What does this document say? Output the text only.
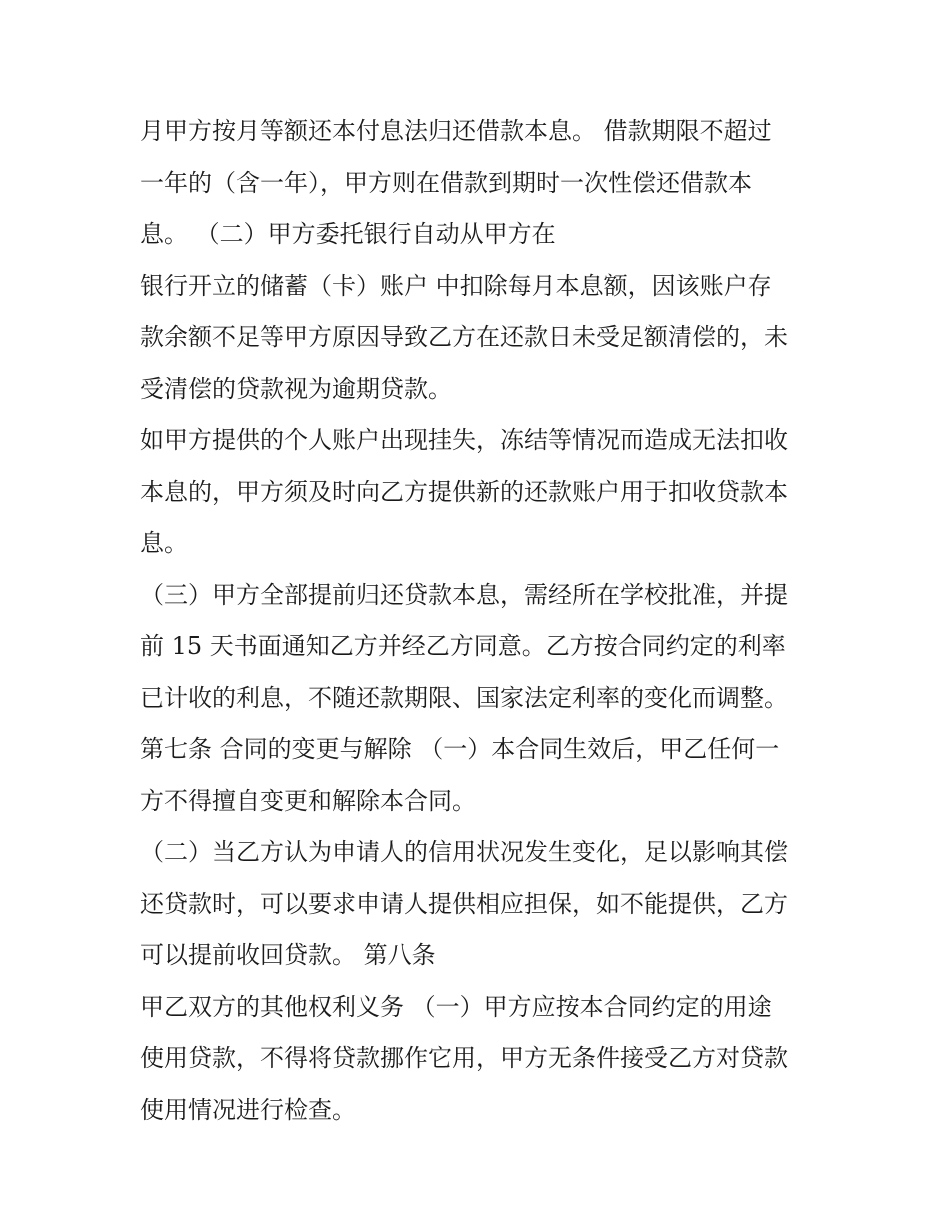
月甲方按月等额还本付息法归还借款本息。 借款期限不超过
一年的（含一年），甲方则在借款到期时一次性偿还借款本
息。 （二）甲方委托银行自动从甲方在
银行开立的储蓄（卡）账户 中扣除每月本息额，因该账户存
款余额不足等甲方原因导致乙方在还款日未受足额清偿的，未
受清偿的贷款视为逾期贷款。
如甲方提供的个人账户出现挂失，冻结等情况而造成无法扣收
本息的，甲方须及时向乙方提供新的还款账户用于扣收贷款本
息。
（三）甲方全部提前归还贷款本息，需经所在学校批准，并提
前 15 天书面通知乙方并经乙方同意。乙方按合同约定的利率
已计收的利息，不随还款期限、国家法定利率的变化而调整。
第七条 合同的变更与解除 （一）本合同生效后，甲乙任何一
方不得擅自变更和解除本合同。
（二）当乙方认为申请人的信用状况发生变化，足以影响其偿
还贷款时，可以要求申请人提供相应担保，如不能提供，乙方
可以提前收回贷款。 第八条
甲乙双方的其他权利义务 （一）甲方应按本合同约定的用途
使用贷款，不得将贷款挪作它用，甲方无条件接受乙方对贷款
使用情况进行检查。
